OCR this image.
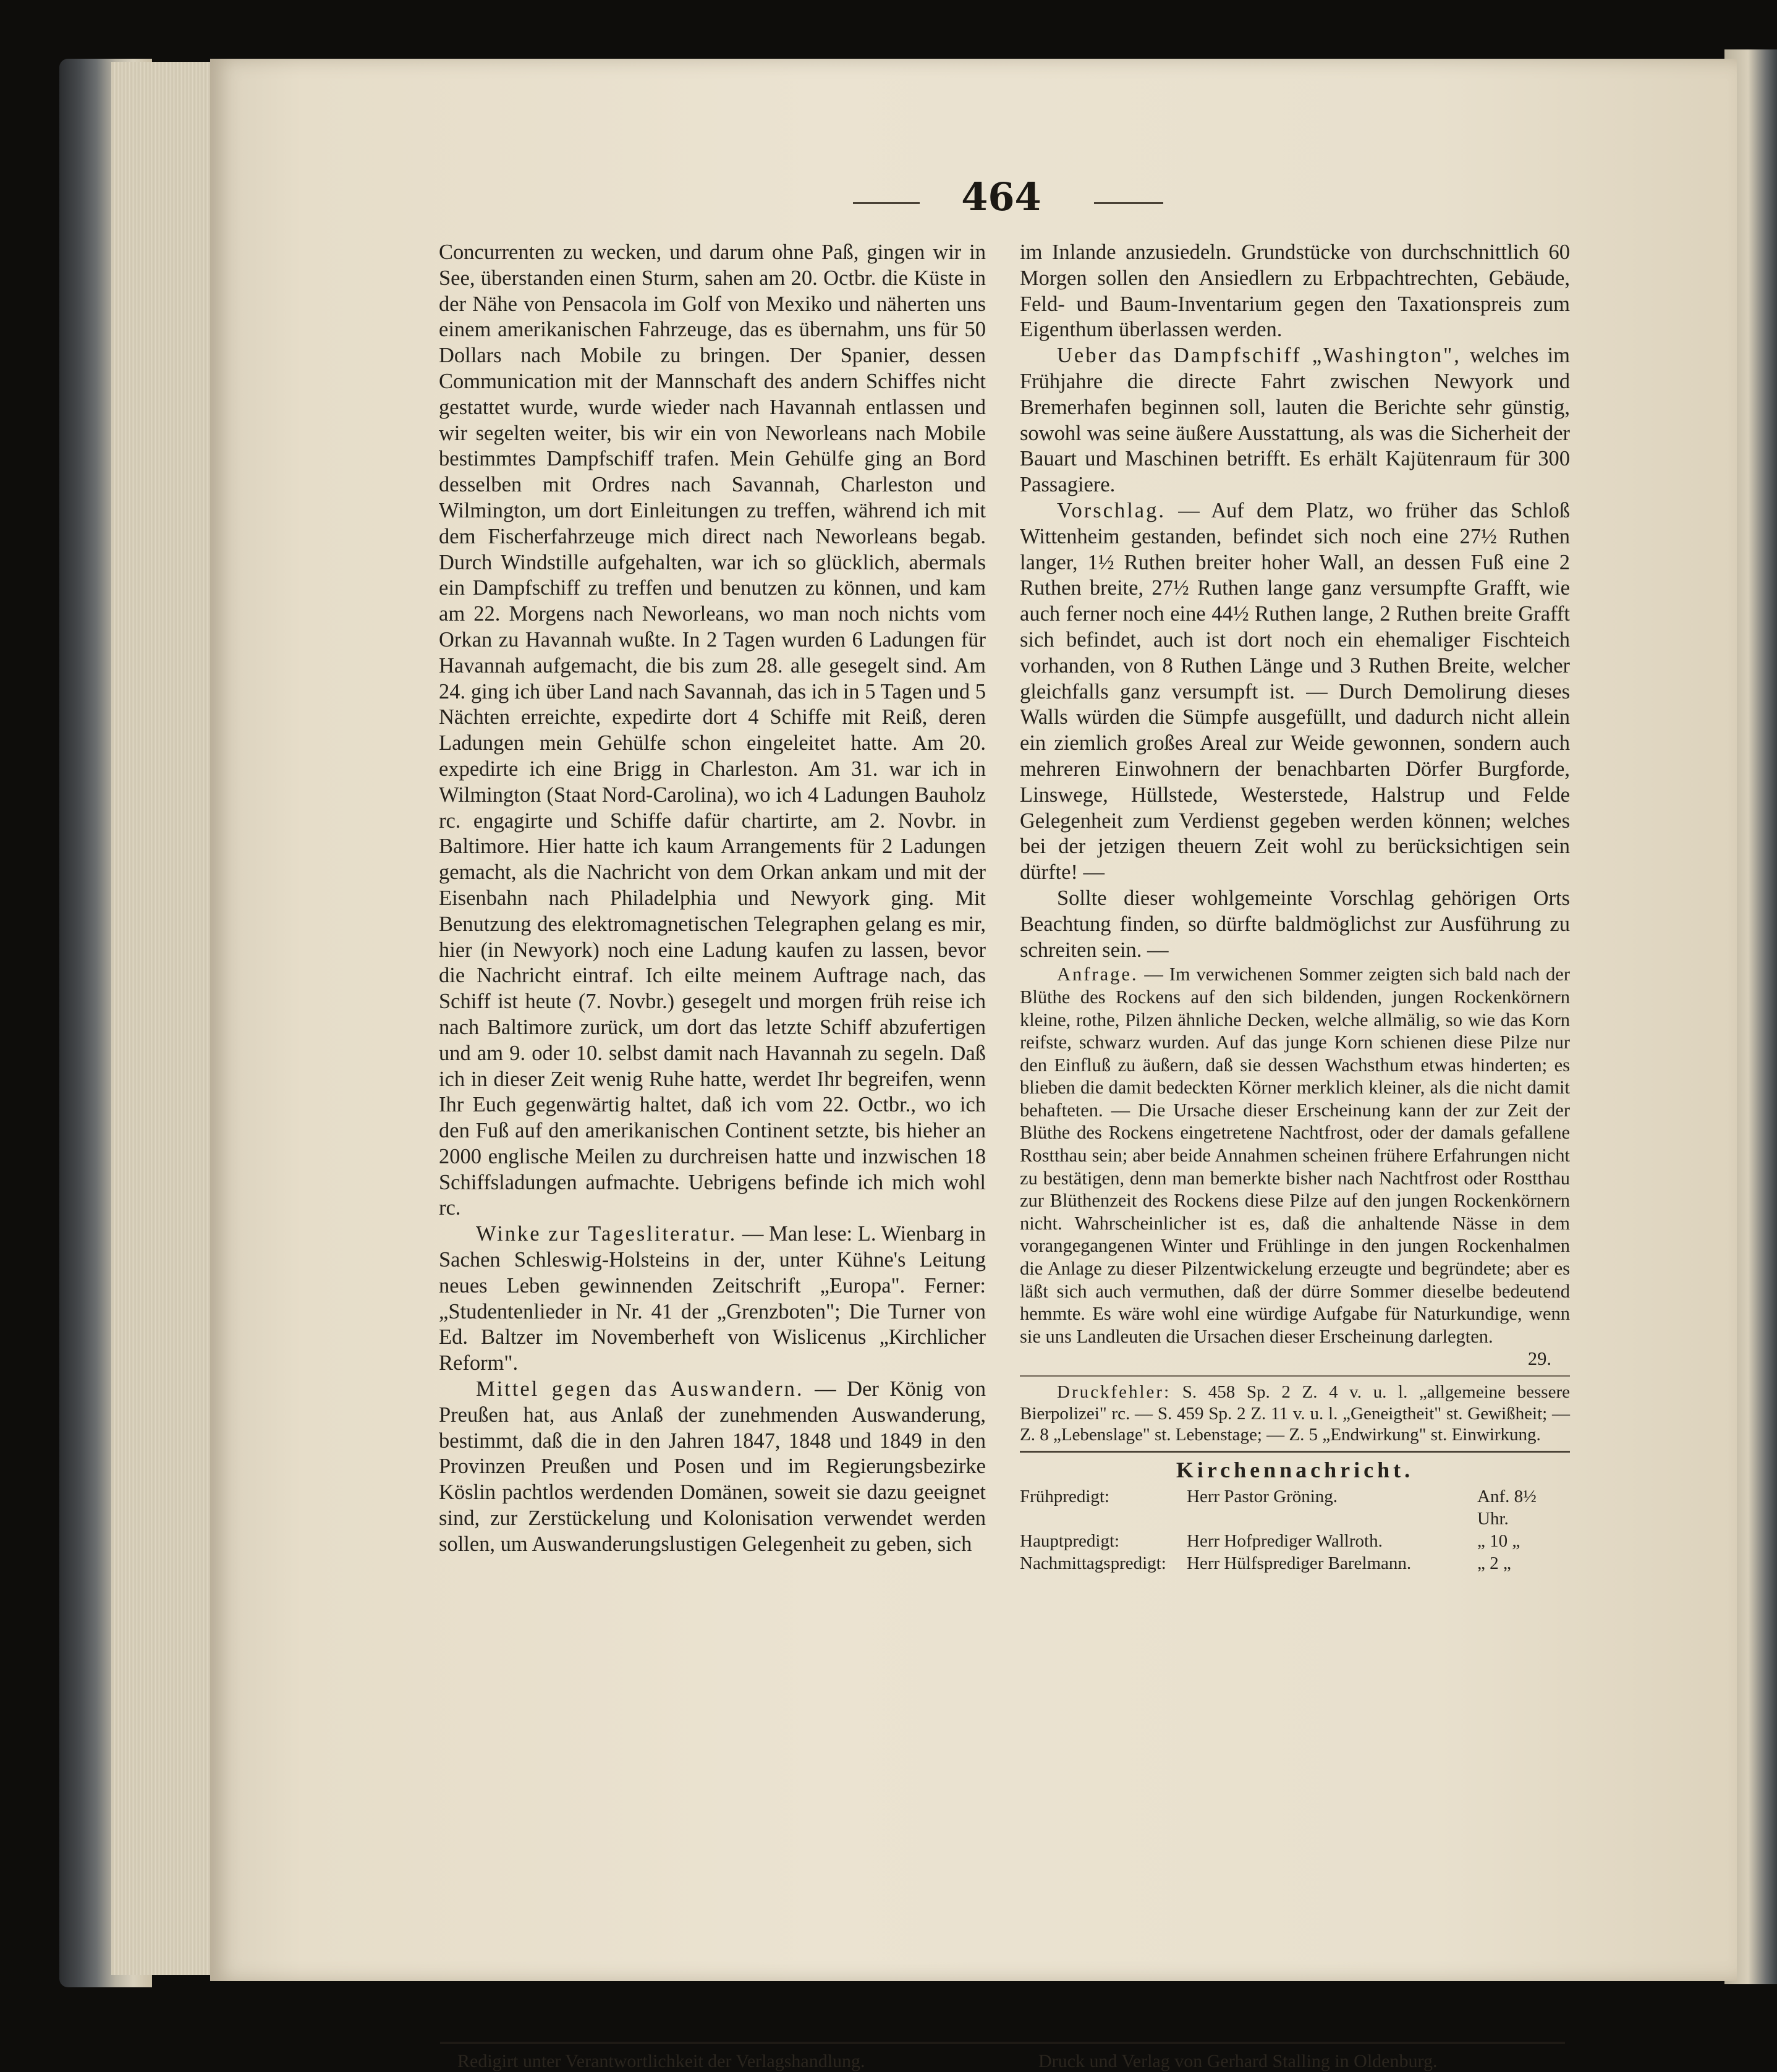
464

Concurrenten zu wecken, und darum ohne Paß, gingen wir in See, überstanden einen Sturm, sahen am 20. Octbr. die Küste in der Nähe von Pensacola im Golf von Mexiko und näherten uns einem amerikanischen Fahrzeuge, das es übernahm, uns für 50 Dollars nach Mobile zu bringen. Der Spanier, dessen Communication mit der Mannschaft des andern Schiffes nicht gestattet wurde, wurde wieder nach Havannah entlassen und wir segelten weiter, bis wir ein von Neworleans nach Mobile bestimmtes Dampfschiff trafen. Mein Gehülfe ging an Bord desselben mit Ordres nach Savannah, Charleston und Wilmington, um dort Einleitungen zu treffen, während ich mit dem Fischerfahrzeuge mich direct nach Neworleans begab. Durch Windstille aufgehalten, war ich so glücklich, abermals ein Dampfschiff zu treffen und benutzen zu können, und kam am 22. Morgens nach Neworleans, wo man noch nichts vom Orkan zu Havannah wußte. In 2 Tagen wurden 6 Ladungen für Havannah aufgemacht, die bis zum 28. alle gesegelt sind. Am 24. ging ich über Land nach Savannah, das ich in 5 Tagen und 5 Nächten erreichte, expedirte dort 4 Schiffe mit Reiß, deren Ladungen mein Gehülfe schon eingeleitet hatte. Am 20. expedirte ich eine Brigg in Charleston. Am 31. war ich in Wilmington (Staat Nord-Carolina), wo ich 4 Ladungen Bauholz rc. engagirte und Schiffe dafür chartirte, am 2. Novbr. in Baltimore. Hier hatte ich kaum Arrangements für 2 Ladungen gemacht, als die Nachricht von dem Orkan ankam und mit der Eisenbahn nach Philadelphia und Newyork ging. Mit Benutzung des elektromagnetischen Telegraphen gelang es mir, hier (in Newyork) noch eine Ladung kaufen zu lassen, bevor die Nachricht eintraf. Ich eilte meinem Auftrage nach, das Schiff ist heute (7. Novbr.) gesegelt und morgen früh reise ich nach Baltimore zurück, um dort das letzte Schiff abzufertigen und am 9. oder 10. selbst damit nach Havannah zu segeln. Daß ich in dieser Zeit wenig Ruhe hatte, werdet Ihr begreifen, wenn Ihr Euch gegenwärtig haltet, daß ich vom 22. Octbr., wo ich den Fuß auf den amerikanischen Continent setzte, bis hieher an 2000 englische Meilen zu durchreisen hatte und inzwischen 18 Schiffsladungen aufmachte. Uebrigens befinde ich mich wohl rc.

Winke zur Tagesliteratur. — Man lese: L. Wienbarg in Sachen Schleswig-Holsteins in der, unter Kühne's Leitung neues Leben gewinnenden Zeitschrift „Europa". Ferner: „Studentenlieder in Nr. 41 der „Grenzboten"; Die Turner von Ed. Baltzer im Novemberheft von Wislicenus „Kirchlicher Reform".

Mittel gegen das Auswandern. — Der König von Preußen hat, aus Anlaß der zunehmenden Auswanderung, bestimmt, daß die in den Jahren 1847, 1848 und 1849 in den Provinzen Preußen und Posen und im Regierungsbezirke Köslin pachtlos werdenden Domänen, soweit sie dazu geeignet sind, zur Zerstückelung und Kolonisation verwendet werden sollen, um Auswanderungslustigen Gelegenheit zu geben, sich

im Inlande anzusiedeln. Grundstücke von durchschnittlich 60 Morgen sollen den Ansiedlern zu Erbpachtrechten, Gebäude, Feld- und Baum-Inventarium gegen den Taxationspreis zum Eigenthum überlassen werden.

Ueber das Dampfschiff „Washington", welches im Frühjahre die directe Fahrt zwischen Newyork und Bremerhafen beginnen soll, lauten die Berichte sehr günstig, sowohl was seine äußere Ausstattung, als was die Sicherheit der Bauart und Maschinen betrifft. Es erhält Kajütenraum für 300 Passagiere.

Vorschlag. — Auf dem Platz, wo früher das Schloß Wittenheim gestanden, befindet sich noch eine 27½ Ruthen langer, 1½ Ruthen breiter hoher Wall, an dessen Fuß eine 2 Ruthen breite, 27½ Ruthen lange ganz versumpfte Grafft, wie auch ferner noch eine 44½ Ruthen lange, 2 Ruthen breite Grafft sich befindet, auch ist dort noch ein ehemaliger Fischteich vorhanden, von 8 Ruthen Länge und 3 Ruthen Breite, welcher gleichfalls ganz versumpft ist. — Durch Demolirung dieses Walls würden die Sümpfe ausgefüllt, und dadurch nicht allein ein ziemlich großes Areal zur Weide gewonnen, sondern auch mehreren Einwohnern der benachbarten Dörfer Burgforde, Linswege, Hüllstede, Westerstede, Halstrup und Felde Gelegenheit zum Verdienst gegeben werden können; welches bei der jetzigen theuern Zeit wohl zu berücksichtigen sein dürfte! —

Sollte dieser wohlgemeinte Vorschlag gehörigen Orts Beachtung finden, so dürfte baldmöglichst zur Ausführung zu schreiten sein. —

Anfrage. — Im verwichenen Sommer zeigten sich bald nach der Blüthe des Rockens auf den sich bildenden, jungen Rockenkörnern kleine, rothe, Pilzen ähnliche Decken, welche allmälig, so wie das Korn reifste, schwarz wurden. Auf das junge Korn schienen diese Pilze nur den Einfluß zu äußern, daß sie dessen Wachsthum etwas hinderten; es blieben die damit bedeckten Körner merklich kleiner, als die nicht damit behafteten. — Die Ursache dieser Erscheinung kann der zur Zeit der Blüthe des Rockens eingetretene Nachtfrost, oder der damals gefallene Rostthau sein; aber beide Annahmen scheinen frühere Erfahrungen nicht zu bestätigen, denn man bemerkte bisher nach Nachtfrost oder Rostthau zur Blüthenzeit des Rockens diese Pilze auf den jungen Rockenkörnern nicht. Wahrscheinlicher ist es, daß die anhaltende Nässe in dem vorangegangenen Winter und Frühlinge in den jungen Rockenhalmen die Anlage zu dieser Pilzentwickelung erzeugte und begründete; aber es läßt sich auch vermuthen, daß der dürre Sommer dieselbe bedeutend hemmte. Es wäre wohl eine würdige Aufgabe für Naturkundige, wenn sie uns Landleuten die Ursachen dieser Erscheinung darlegten.

29.

Druckfehler: S. 458 Sp. 2 Z. 4 v. u. l. „allgemeine bessere Bierpolizei" rc. — S. 459 Sp. 2 Z. 11 v. u. l. „Geneigtheit" st. Gewißheit; — Z. 8 „Lebenslage" st. Lebenstage; — Z. 5 „Endwirkung" st. Einwirkung.

Kirchennachricht.
Frühpredigt:	Herr Pastor Gröning.	Anf. 8½ Uhr.
Hauptpredigt:	Herr Hofprediger Wallroth.	„ 10 „
Nachmittagspredigt:	Herr Hülfsprediger Barelmann.	„ 2 „
Redigirt unter Verantwortlichkeit der Verlagshandlung.	Druck und Verlag von Gerhard Stalling in Oldenburg.
